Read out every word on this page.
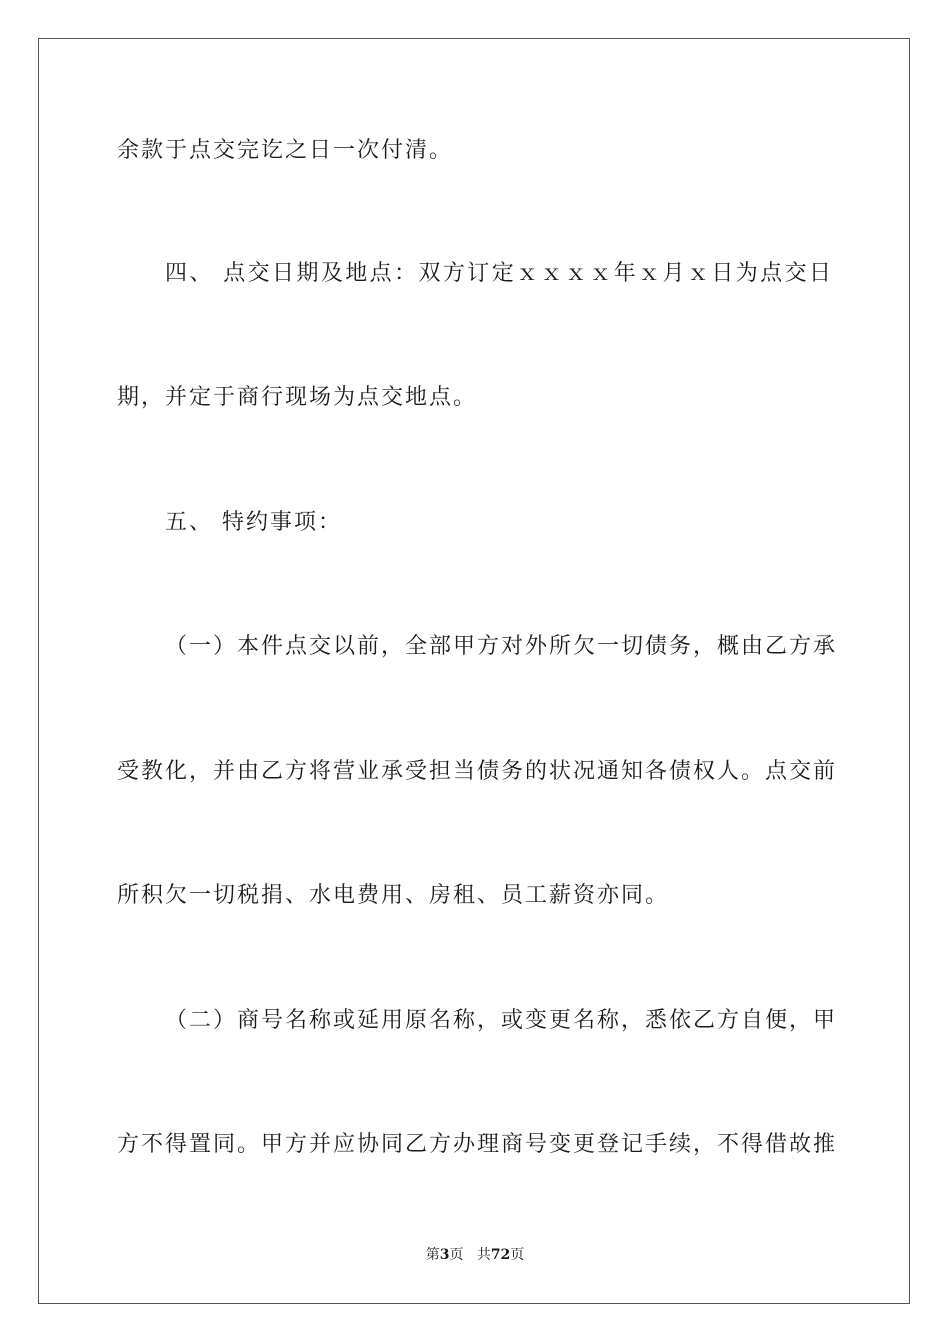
余款于点交完讫之日一次付清。

四、 点交日期及地点：双方订定ｘｘｘｘ年ｘ月ｘ日为点交日

期，并定于商行现场为点交地点。

五、 特约事项：

（一）本件点交以前，全部甲方对外所欠一切债务，概由乙方承

受教化，并由乙方将营业承受担当债务的状况通知各债权人。点交前

所积欠一切税捐、水电费用、房租、员工薪资亦同。

（二）商号名称或延用原名称，或变更名称，悉依乙方自便，甲

方不得置同。甲方并应协同乙方办理商号变更登记手续，不得借故推

第3页 共72页
